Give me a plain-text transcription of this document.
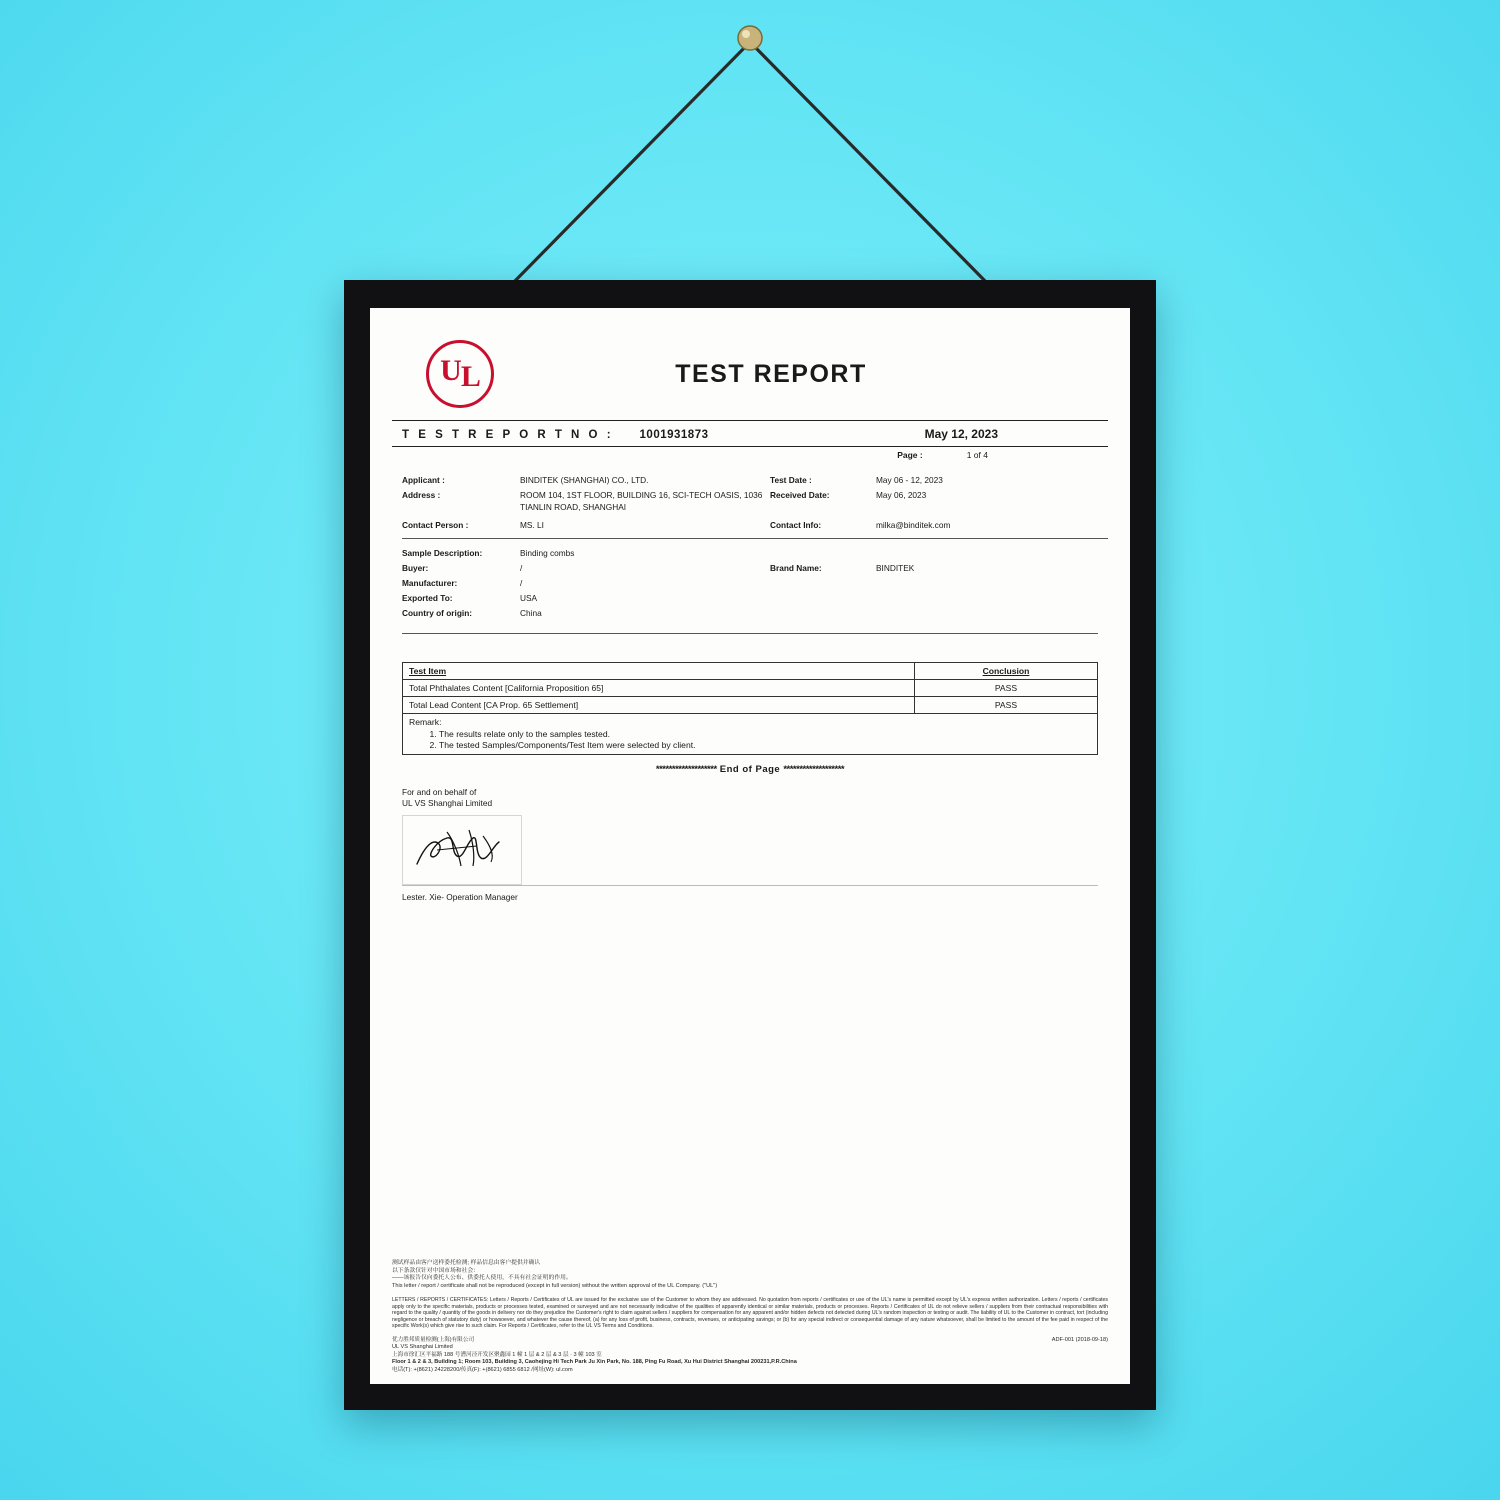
U L	TEST REPORT
T E S T R E P O R T N O : 1001931873	May 12, 2023
Page :	1 of 4
Applicant :	BINDITEK (SHANGHAI) CO., LTD.	Test Date :	May 06 - 12, 2023
Address :	ROOM 104, 1ST FLOOR, BUILDING 16, SCI-TECH OASIS, 1036 TIANLIN ROAD, SHANGHAI
Received Date:	May 06, 2023
Contact Person :	MS. LI	Contact Info:	milka@binditek.com
Sample Description:	Binding combs
Buyer:	/	Brand Name:	BINDITEK
Manufacturer:	/
Exported To:	USA
Country of origin:	China
Test Item	Conclusion
Total Phthalates Content [California Proposition 65]	PASS
Total Lead Content [CA Prop. 65 Settlement]	PASS

Remark:
1. The results relate only to the samples tested.
2. The tested Samples/Components/Test Item were selected by client.
******************* End of Page *******************
For and on behalf of
UL VS Shanghai Limited
Lester. Xie- Operation Manager
测试样品由客户送样委托检测; 样品信息由客户提供并确认
以下条款仅针对中国市场和社会：
——该报告仅向委托人公布、供委托人使用，不具有社会证明的作用。
This letter / report / certificate shall not be reproduced (except in full version) without the written approval of the UL Company. ("UL")
LETTERS / REPORTS / CERTIFICATES: Letters / Reports / Certificates of UL are issued for the exclusive use of the Customer to whom they are addressed. No quotation from reports / certificates or use of the UL's name is permitted except by UL's express written authorization. Letters / reports / certificates apply only to the specific materials, products or processes tested, examined or surveyed and are not necessarily indicative of the qualities of apparently identical or similar materials, products or processes. Reports / Certificates of UL do not relieve sellers / suppliers from their contractual responsibilities with regard to the quality / quantity of the goods in delivery nor do they prejudice the Customer's right to claim against sellers / suppliers for compensation for any apparent and/or hidden defects not detected during UL's random inspection or testing or audit. The liability of UL to the Customer in contract, tort (including negligence or breach of statutory duty) or howsoever, and whatever the cause thereof, (a) for any loss of profit, business, contracts, revenues, or anticipating savings; or (b) for any special indirect or consequential damage of any nature whatsoever, shall be limited to the amount of the fee paid in respect of the specific Work(s) which give rise to such claim. For Reports / Certificates, refer to the UL VS Terms and Conditions.
ADF-001 (2018-09-18)
优力胜邦质量检测(上海)有限公司
UL VS Shanghai Limited
上海市徐汇区平福路 188 号漕河泾开发区聚鑫园 1 幢 1 层 & 2 层 & 3 层 · 3 幢 103 室
Floor 1 & 2 & 3, Building 1; Room 103, Building 3, Caohejing Hi Tech Park Ju Xin Park, No. 188, Ping Fu Road, Xu Hui District Shanghai 200231,P.R.China
电话(T): +(8621) 24228200/传真(F): +(8621) 6855 6812 /网址(W): ul.com
